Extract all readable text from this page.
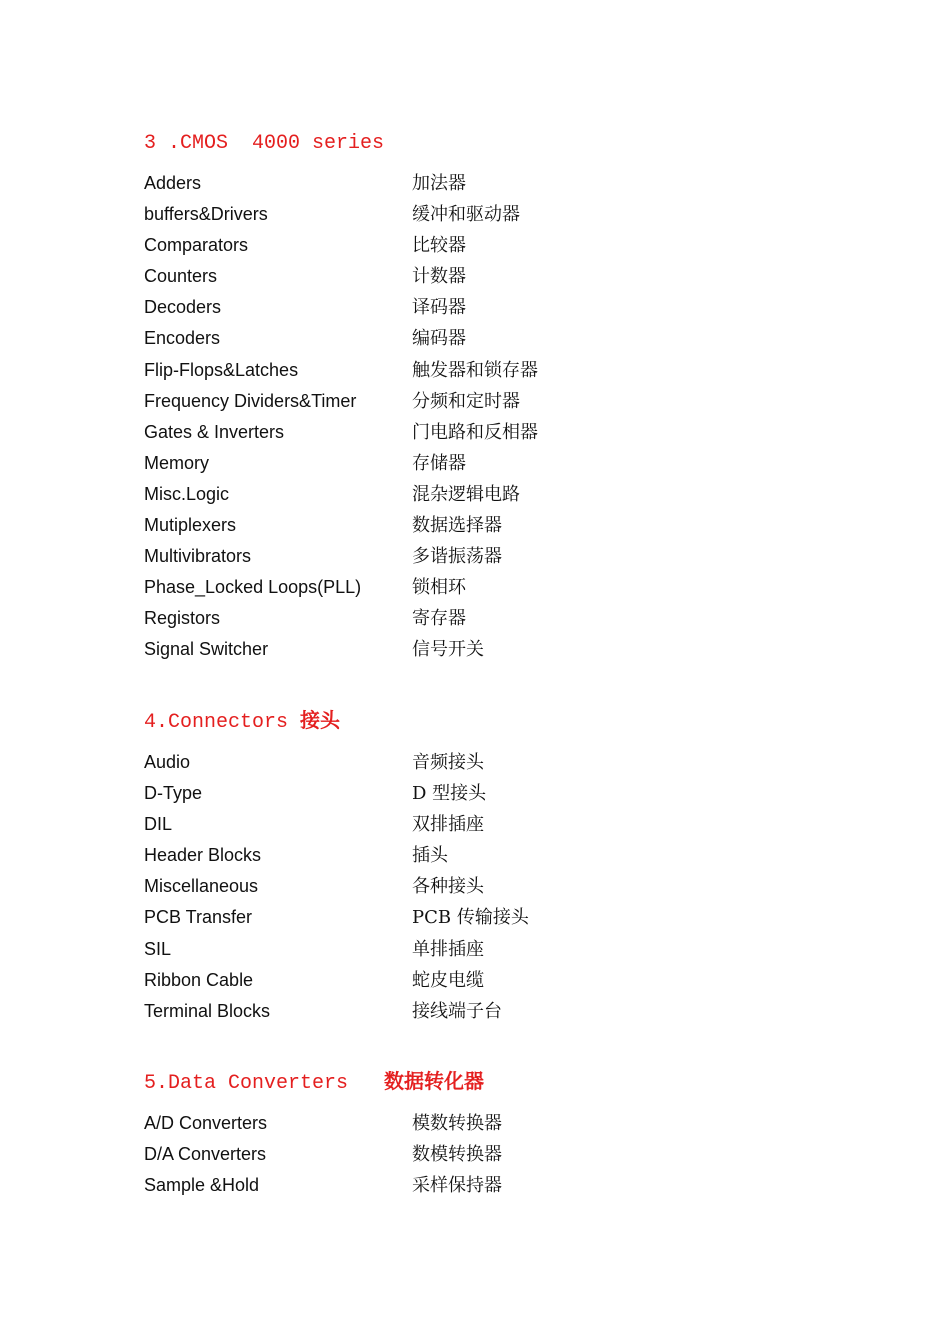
3 .CMOS  4000 series
Adders	加法器
buffers&Drivers	缓冲和驱动器
Comparators	比较器
Counters	计数器
Decoders	译码器
Encoders	编码器
Flip-Flops&Latches	触发器和锁存器
Frequency Dividers&Timer	分频和定时器
Gates & Inverters	门电路和反相器
Memory	存储器
Misc.Logic	混杂逻辑电路
Mutiplexers	数据选择器
Multivibrators	多谐振荡器
Phase_Locked Loops(PLL)	锁相环
Registors	寄存器
Signal Switcher	信号开关
4.Connectors 接头
Audio	音频接头
D-Type	D 型接头
DIL	双排插座
Header Blocks	插头
Miscellaneous	各种接头
PCB Transfer	PCB 传输接头
SIL	单排插座
Ribbon Cable	蛇皮电缆
Terminal Blocks	接线端子台
5.Data Converters   数据转化器
A/D Converters	模数转换器
D/A Converters	数模转换器
Sample &Hold	采样保持器
